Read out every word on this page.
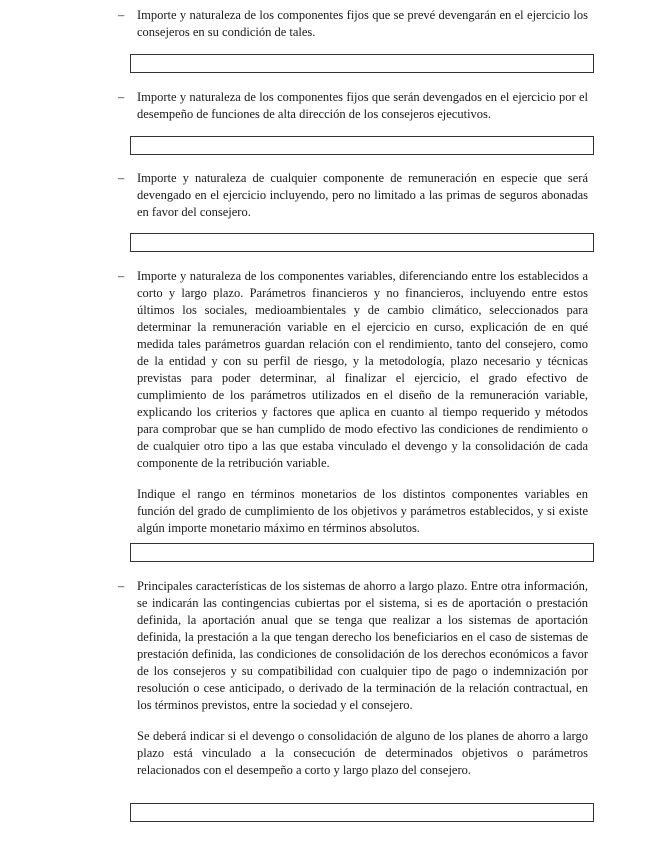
– Importe y naturaleza de los componentes fijos que se prevé devengarán en el ejercicio los consejeros en su condición de tales.

– Importe y naturaleza de los componentes fijos que serán devengados en el ejercicio por el desempeño de funciones de alta dirección de los consejeros ejecutivos.

– Importe y naturaleza de cualquier componente de remuneración en especie que será devengado en el ejercicio incluyendo, pero no limitado a las primas de seguros abonadas en favor del consejero.

– Importe y naturaleza de los componentes variables, diferenciando entre los establecidos a corto y largo plazo. Parámetros financieros y no financieros, incluyendo entre estos últimos los sociales, medioambientales y de cambio climático, seleccionados para determinar la remuneración variable en el ejercicio en curso, explicación de en qué medida tales parámetros guardan relación con el rendimiento, tanto del consejero, como de la entidad y con su perfil de riesgo, y la metodología, plazo necesario y técnicas previstas para poder determinar, al finalizar el ejercicio, el grado efectivo de cumplimiento de los parámetros utilizados en el diseño de la remuneración variable, explicando los criterios y factores que aplica en cuanto al tiempo requerido y métodos para comprobar que se han cumplido de modo efectivo las condiciones de rendimiento o de cualquier otro tipo a las que estaba vinculado el devengo y la consolidación de cada componente de la retribución variable.

Indique el rango en términos monetarios de los distintos componentes variables en función del grado de cumplimiento de los objetivos y parámetros establecidos, y si existe algún importe monetario máximo en términos absolutos.

– Principales características de los sistemas de ahorro a largo plazo. Entre otra información, se indicarán las contingencias cubiertas por el sistema, si es de aportación o prestación definida, la aportación anual que se tenga que realizar a los sistemas de aportación definida, la prestación a la que tengan derecho los beneficiarios en el caso de sistemas de prestación definida, las condiciones de consolidación de los derechos económicos a favor de los consejeros y su compatibilidad con cualquier tipo de pago o indemnización por resolución o cese anticipado, o derivado de la terminación de la relación contractual, en los términos previstos, entre la sociedad y el consejero.

Se deberá indicar si el devengo o consolidación de alguno de los planes de ahorro a largo plazo está vinculado a la consecución de determinados objetivos o parámetros relacionados con el desempeño a corto y largo plazo del consejero.
